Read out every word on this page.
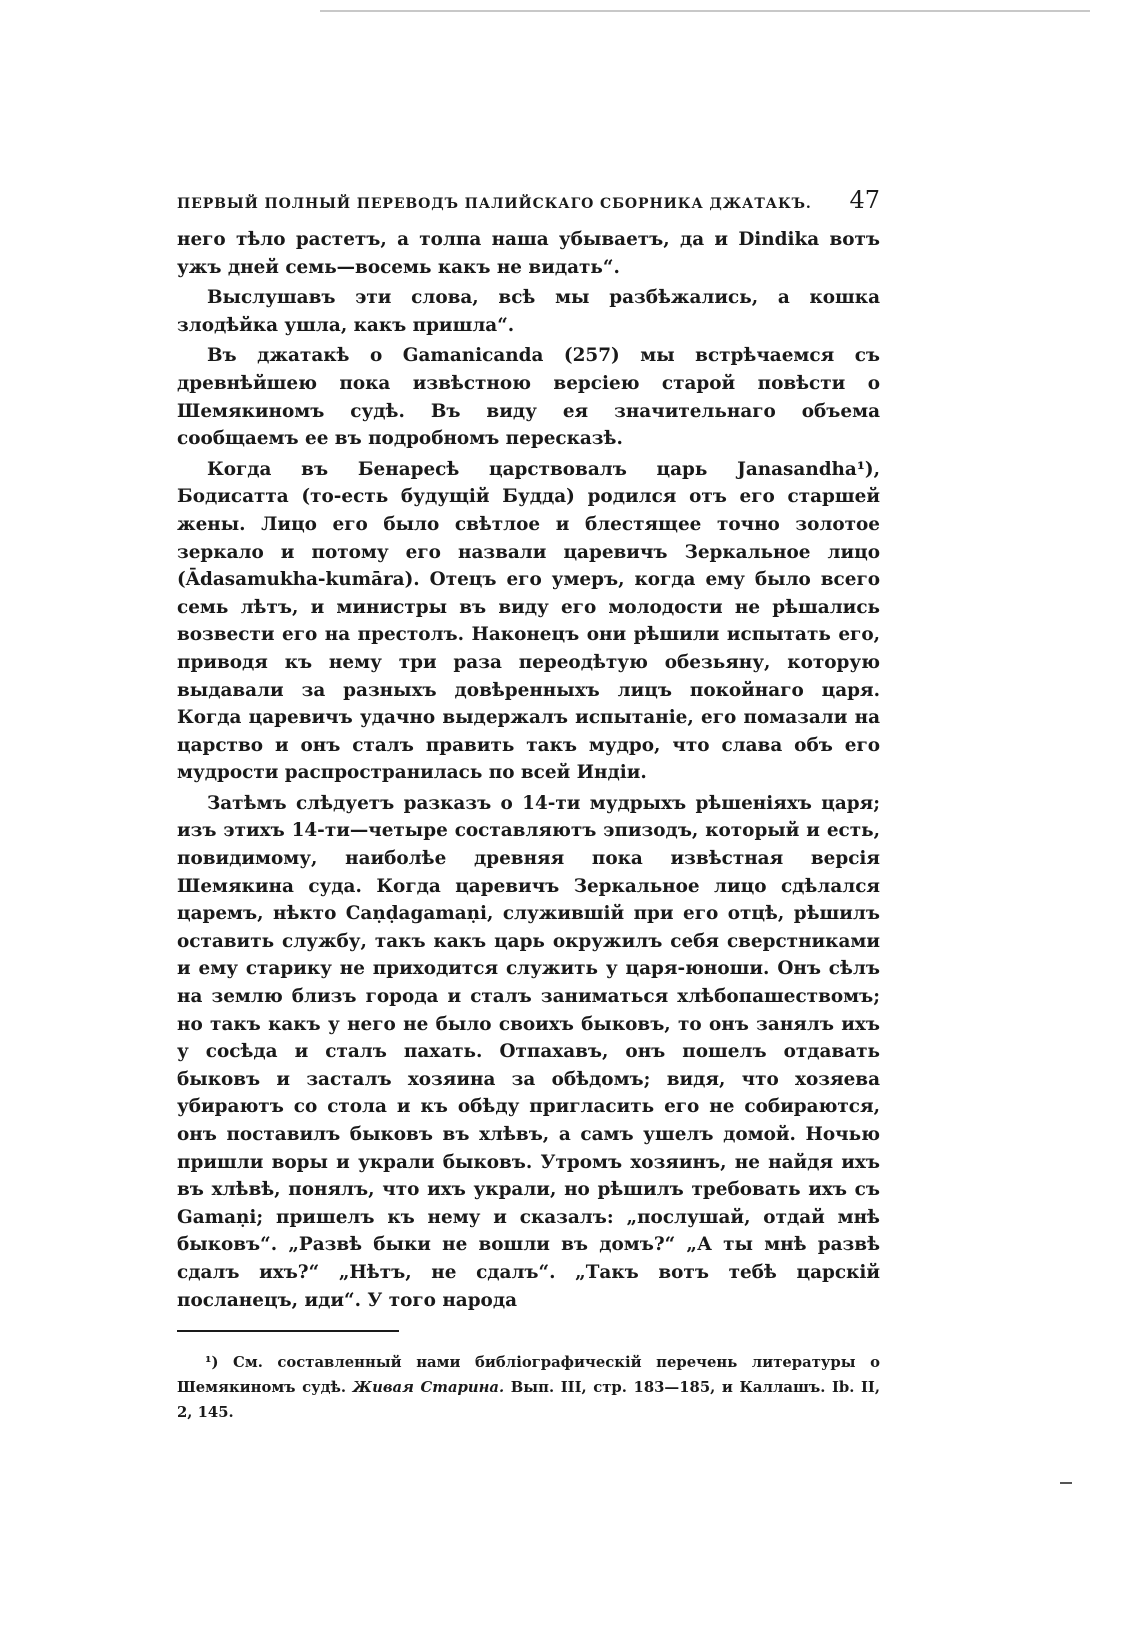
ПЕРВЫЙ ПОЛНЫЙ ПЕРЕВОДЪ ПАЛИЙСКАГО СБОРНИКА ДЖАТАКЪ. 47

него тѣло растетъ, а толпа наша убываетъ, да и Dindika вотъ ужъ дней семь—восемь какъ не видать“.

Выслушавъ эти слова, всѣ мы разбѣжались, а кошка злодѣйка ушла, какъ пришла“.

Въ джатакѣ о Gamanicanda (257) мы встрѣчаемся съ древнѣйшею пока извѣстною версіею старой повѣсти о Шемякиномъ судѣ. Въ виду ея значительнаго объема сообщаемъ ее въ подробномъ пересказѣ.

Когда въ Бенаресѣ царствовалъ царь Janasandha¹), Бодисатта (то-есть будущій Будда) родился отъ его старшей жены. Лицо его было свѣтлое и блестящее точно золотое зеркало и потому его назвали царевичъ Зеркальное лицо (Ādasamukha-kumāra). Отецъ его умеръ, когда ему было всего семь лѣтъ, и министры въ виду его молодости не рѣшались возвести его на престолъ. Наконецъ они рѣшили испытать его, приводя къ нему три раза переодѣтую обезьяну, которую выдавали за разныхъ довѣренныхъ лицъ покойнаго царя. Когда царевичъ удачно выдержалъ испытаніе, его помазали на царство и онъ сталъ править такъ мудро, что слава объ его мудрости распространилась по всей Индіи.

Затѣмъ слѣдуетъ разказъ о 14-ти мудрыхъ рѣшеніяхъ царя; изъ этихъ 14-ти—четыре составляютъ эпизодъ, который и есть, повидимому, наиболѣе древняя пока извѣстная версія Шемякина суда. Когда царевичъ Зеркальное лицо сдѣлался царемъ, нѣкто Caṇḍagamaṇi, служившій при его отцѣ, рѣшилъ оставить службу, такъ какъ царь окружилъ себя сверстниками и ему старику не приходится служить у царя-юноши. Онъ сѣлъ на землю близъ города и сталъ заниматься хлѣбопашествомъ; но такъ какъ у него не было своихъ быковъ, то онъ занялъ ихъ у сосѣда и сталъ пахать. Отпахавъ, онъ пошелъ отдавать быковъ и засталъ хозяина за обѣдомъ; видя, что хозяева убираютъ со стола и къ обѣду пригласить его не собираются, онъ поставилъ быковъ въ хлѣвъ, а самъ ушелъ домой. Ночью пришли воры и украли быковъ. Утромъ хозяинъ, не найдя ихъ въ хлѣвѣ, понялъ, что ихъ украли, но рѣшилъ требовать ихъ съ Gamaṇi; пришелъ къ нему и сказалъ: „послушай, отдай мнѣ быковъ“. „Развѣ быки не вошли въ домъ?“ „А ты мнѣ развѣ сдалъ ихъ?“ „Нѣтъ, не сдалъ“. „Такъ вотъ тебѣ царскій посланецъ, иди“. У того народа

¹) См. составленный нами библіографическій перечень литературы о Шемякиномъ судѣ. Живая Старина. Вып. III, стр. 183—185, и Каллашъ. Ib. II, 2, 145.
